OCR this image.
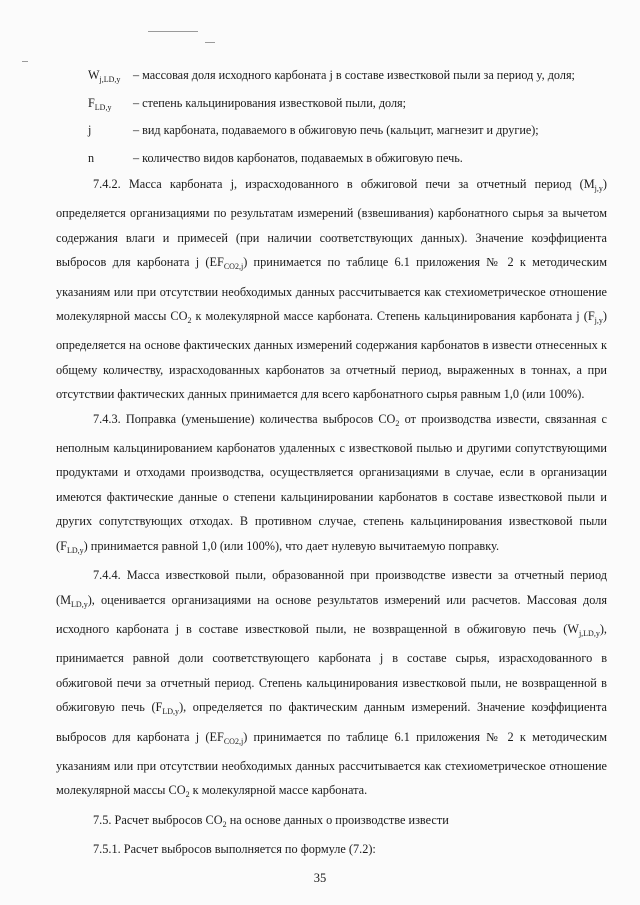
$W_{j,LD,y}$ – массовая доля исходного карбоната j в составе известковой пыли за период y, доля;
$F_{LD,y}$ – степень кальцинирования известковой пыли, доля;
j	– вид карбоната, подаваемого в обжиговую печь (кальцит, магнезит и другие);
n	– количество видов карбонатов, подаваемых в обжиговую печь.

7.4.2. Масса карбоната j, израсходованного в обжиговой печи за отчетный период $(M_{j,y})$ определяется организациями по результатам измерений (взвешивания) карбонатного сырья за вычетом содержания влаги и примесей (при наличии соответствующих данных). Значение коэффициента выбросов для карбоната j $(EF_{CO2,j})$ принимается по таблице 6.1 приложения № 2 к методическим указаниям или при отсутствии необходимых данных рассчитывается как стехиометрическое отношение молекулярной массы $CO_2$ к молекулярной массе карбоната. Степень кальцинирования карбоната j $(F_{j,y})$ определяется на основе фактических данных измерений содержания карбонатов в извести отнесенных к общему количеству, израсходованных карбонатов за отчетный период, выраженных в тоннах, а при отсутствии фактических данных принимается для всего карбонатного сырья равным 1,0 (или 100%).

7.4.3. Поправка (уменьшение) количества выбросов $CO_2$ от производства извести, связанная с неполным кальцинированием карбонатов удаленных с известковой пылью и другими сопутствующими продуктами и отходами производства, осуществляется организациями в случае, если в организации имеются фактические данные о степени кальцинировании карбонатов в составе известковой пыли и других сопутствующих отходах. В противном случае, степень кальцинирования известковой пыли $(F_{LD,y})$ принимается равной 1,0 (или 100%), что дает нулевую вычитаемую поправку.

7.4.4. Масса известковой пыли, образованной при производстве извести за отчетный период $(M_{LD,y})$, оценивается организациями на основе результатов измерений или расчетов. Массовая доля исходного карбоната j в составе известковой пыли, не возвращенной в обжиговую печь $(W_{j,LD,y})$, принимается равной доли соответствующего карбоната j в составе сырья, израсходованного в обжиговой печи за отчетный период. Степень кальцинирования известковой пыли, не возвращенной в обжиговую печь $(F_{LD,y})$, определяется по фактическим данным измерений. Значение коэффициента выбросов для карбоната j $(EF_{CO2,j})$ принимается по таблице 6.1 приложения № 2 к методическим указаниям или при отсутствии необходимых данных рассчитывается как стехиометрическое отношение молекулярной массы $CO_2$ к молекулярной массе карбоната.

7.5. Расчет выбросов $CO_2$ на основе данных о производстве извести

7.5.1. Расчет выбросов выполняется по формуле (7.2):

35
